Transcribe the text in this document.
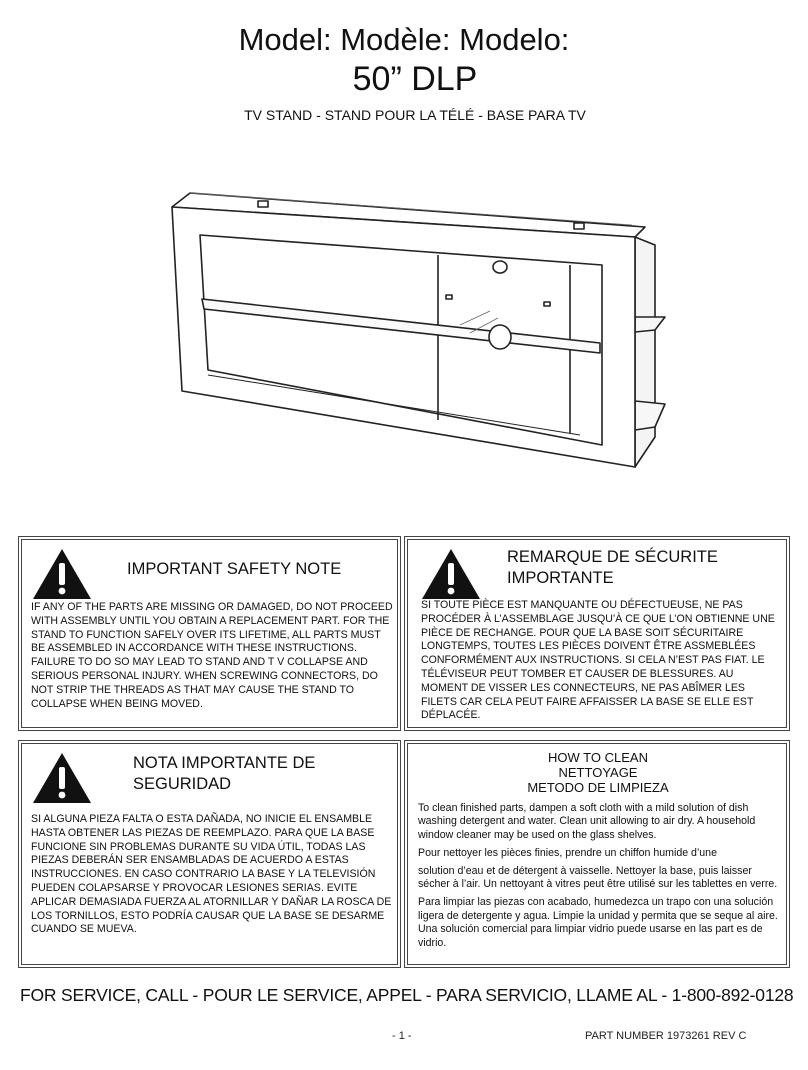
Model: Modèle: Modelo:
50” DLP
TV STAND - STAND POUR LA TÉLÉ - BASE PARA TV
IMPORTANT SAFETY NOTE
IF ANY OF THE PARTS ARE MISSING OR DAMAGED, DO NOT PROCEED WITH ASSEMBLY UNTIL YOU OBTAIN A REPLACEMENT PART. FOR THE STAND TO FUNCTION SAFELY OVER ITS LIFETIME, ALL PARTS MUST BE ASSEMBLED IN ACCORDANCE WITH THESE INSTRUCTIONS. FAILURE TO DO SO MAY LEAD TO STAND AND T V COLLAPSE AND SERIOUS PERSONAL INJURY. WHEN SCREWING CONNECTORS, DO NOT STRIP THE THREADS AS THAT MAY CAUSE THE STAND TO COLLAPSE WHEN BEING MOVED.
REMARQUE DE SÉCURITE IMPORTANTE
SI TOUTE PIÈCE EST MANQUANTE OU DÉFECTUEUSE, NE PAS PROCÉDER À L’ASSEMBLAGE JUSQU’À CE QUE L’ON OBTIENNE UNE PIÈCE DE RECHANGE. POUR QUE LA BASE SOIT SÉCURITAIRE LONGTEMPS, TOUTES LES PIÈCES DOIVENT ÊTRE ASSMEBLÉES CONFORMÉMENT AUX INSTRUCTIONS. SI CELA N’EST PAS FIAT. LE TÉLÉVISEUR PEUT TOMBER ET CAUSER DE BLESSURES. AU MOMENT DE VISSER LES CONNECTEURS, NE PAS ABÎMER LES FILETS CAR CELA PEUT FAIRE AFFAISSER LA BASE SE ELLE EST DÉPLACÉE.
NOTA IMPORTANTE DE SEGURIDAD
SI ALGUNA PIEZA FALTA O ESTA DAÑADA, NO INICIE EL ENSAMBLE HASTA OBTENER LAS PIEZAS DE REEMPLAZO. PARA QUE LA BASE FUNCIONE SIN PROBLEMAS DURANTE SU VIDA ÚTIL, TODAS LAS PIEZAS DEBERÁN SER ENSAMBLADAS DE ACUERDO A ESTAS INSTRUCCIONES. EN CASO CONTRARIO LA BASE Y LA TELEVISIÓN PUEDEN COLAPSARSE Y PROVOCAR LESIONES SERIAS. EVITE APLICAR DEMASIADA FUERZA AL ATORNILLAR Y DAÑAR LA ROSCA DE LOS TORNILLOS, ESTO PODRÍA CAUSAR QUE LA BASE SE DESARME CUANDO SE MUEVA.
HOW TO CLEAN
NETTOYAGE
METODO DE LIMPIEZA

To clean finished parts, dampen a soft cloth with a mild solution of dish washing detergent and water. Clean unit allowing to air dry. A household window cleaner may be used on the glass shelves.

Pour nettoyer les pièces finies, prendre un chiffon humide d’une

solution d’eau et de détergent à vaisselle. Nettoyer la base, puis laisser sécher à l’air. Un nettoyant à vitres peut être utilisé sur les tablettes en verre.

Para limpiar las piezas con acabado, humedezca un trapo con una solución ligera de detergente y agua. Limpie la unidad y permita que se seque al aire. Una solución comercial para limpiar vidrio puede usarse en las part es de vidrio.

FOR SERVICE, CALL - POUR LE SERVICE, APPEL - PARA SERVICIO, LLAME AL - 1-800-892-0128
- 1 -	PART NUMBER 1973261 REV C
